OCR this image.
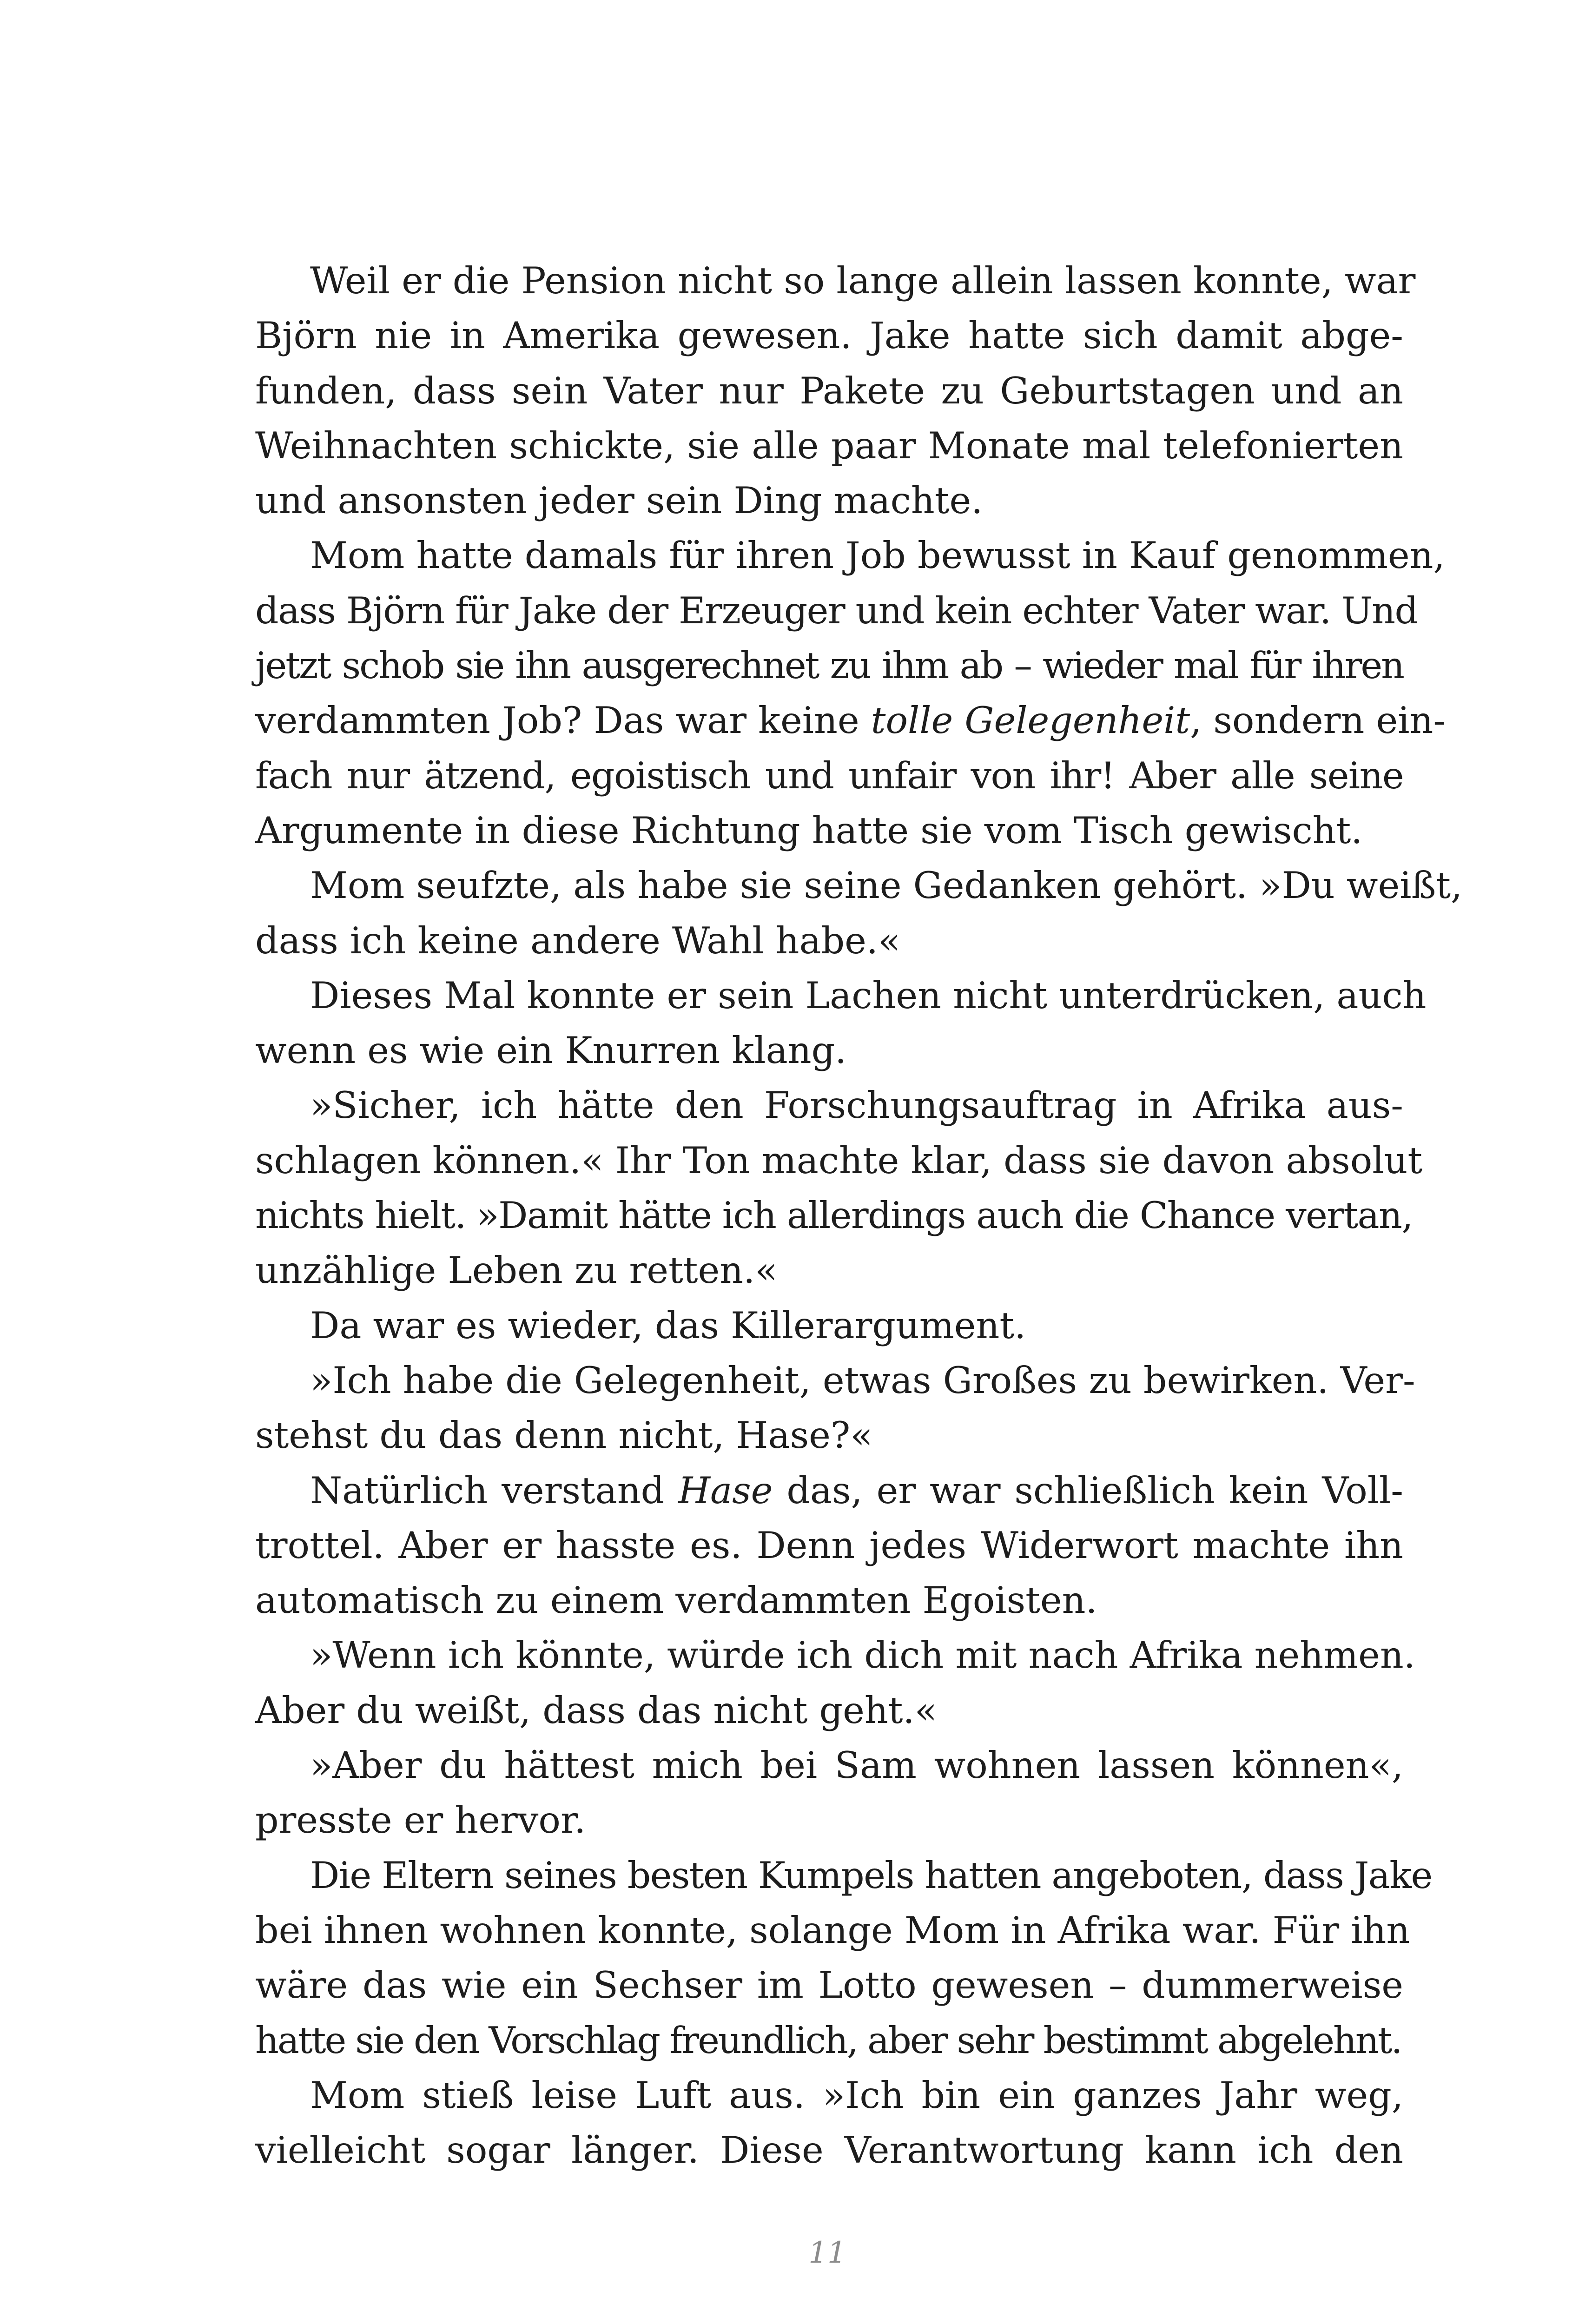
Weil er die Pension nicht so lange allein lassen konnte, war
Björn nie in Amerika gewesen. Jake hatte sich damit abge-
funden, dass sein Vater nur Pakete zu Geburtstagen und an
Weihnachten schickte, sie alle paar Monate mal telefonierten
und ansonsten jeder sein Ding machte.
Mom hatte damals für ihren Job bewusst in Kauf genommen,
dass Björn für Jake der Erzeuger und kein echter Vater war. Und
jetzt schob sie ihn ausgerechnet zu ihm ab – wieder mal für ihren
verdammten Job? Das war keine tolle Gelegenheit, sondern ein-
fach nur ätzend, egoistisch und unfair von ihr! Aber alle seine
Argumente in diese Richtung hatte sie vom Tisch gewischt.
Mom seufzte, als habe sie seine Gedanken gehört. »Du weißt,
dass ich keine andere Wahl habe.«
Dieses Mal konnte er sein Lachen nicht unterdrücken, auch
wenn es wie ein Knurren klang.
»Sicher, ich hätte den Forschungsauftrag in Afrika aus-
schlagen können.« Ihr Ton machte klar, dass sie davon absolut
nichts hielt. »Damit hätte ich allerdings auch die Chance vertan,
unzählige Leben zu retten.«
Da war es wieder, das Killerargument.
»Ich habe die Gelegenheit, etwas Großes zu bewirken. Ver-
stehst du das denn nicht, Hase?«
Natürlich verstand Hase das, er war schließlich kein Voll-
trottel. Aber er hasste es. Denn jedes Widerwort machte ihn
automatisch zu einem verdammten Egoisten.
»Wenn ich könnte, würde ich dich mit nach Afrika nehmen.
Aber du weißt, dass das nicht geht.«
»Aber du hättest mich bei Sam wohnen lassen können«,
presste er hervor.
Die Eltern seines besten Kumpels hatten angeboten, dass Jake
bei ihnen wohnen konnte, solange Mom in Afrika war. Für ihn
wäre das wie ein Sechser im Lotto gewesen – dummerweise
hatte sie den Vorschlag freundlich, aber sehr bestimmt abgelehnt.
Mom stieß leise Luft aus. »Ich bin ein ganzes Jahr weg,
vielleicht sogar länger. Diese Verantwortung kann ich den
11
